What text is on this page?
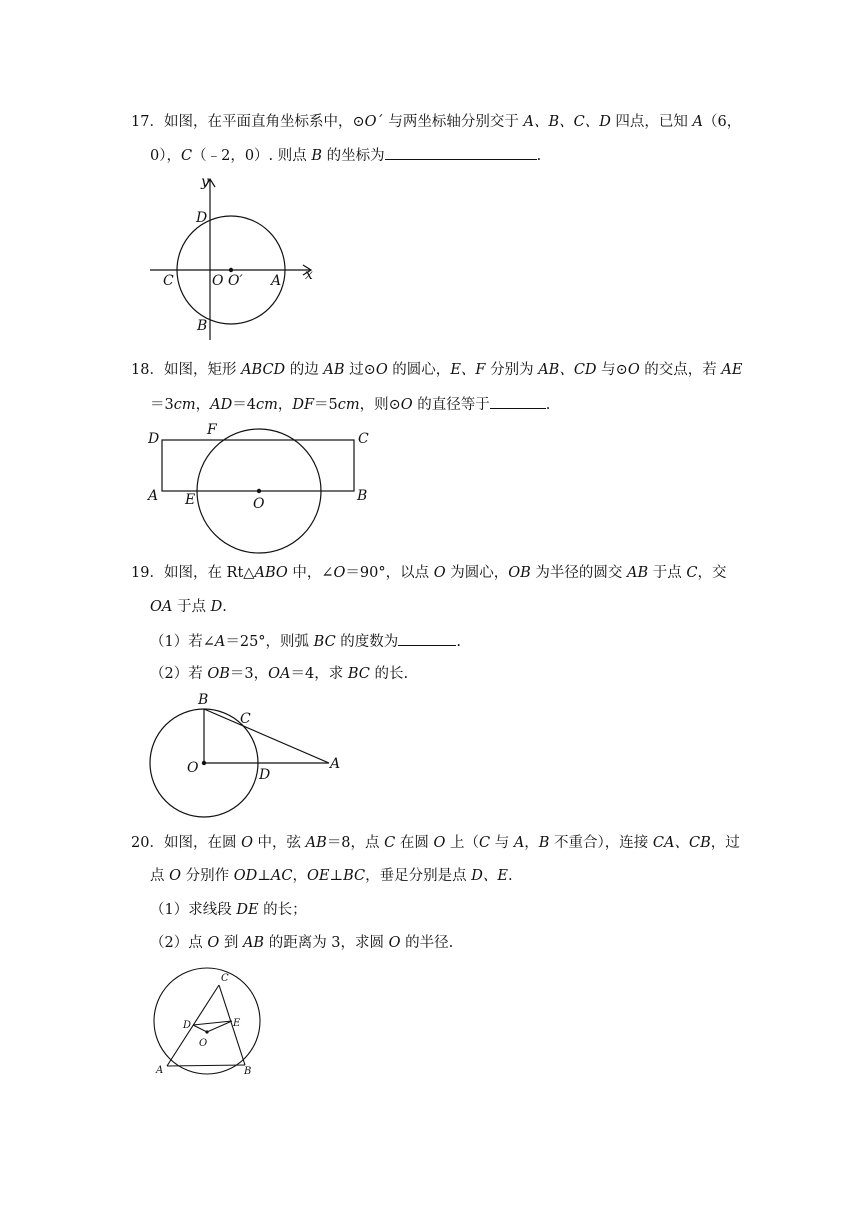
17．如图，在平面直角坐标系中，⊙O´ 与两坐标轴分别交于 A、B、C、D 四点，已知 A（6，
0），C（﹣2，0）. 则点 B 的坐标为	.
y
x
D
C	O O′ A
B
18．如图，矩形 ABCD 的边 AB 过⊙O 的圆心，E、F 分别为 AB、CD 与⊙O 的交点，若 AE
＝3cm，AD＝4cm，DF＝5cm，则⊙O 的直径等于	.
D
F
C
A E	O	B
19．如图，在 Rt△ABO 中，∠O＝90°，以点 O 为圆心，OB 为半径的圆交 AB 于点 C，交
OA 于点 D.
（1）若∠A＝25°，则弧 BC 的度数为	.
（2）若 OB＝3，OA＝4，求 BC 的长.
B
C
O	D
A
20．如图，在圆 O 中，弦 AB＝8，点 C 在圆 O 上（C 与 A，B 不重合），连接 CA、CB，过
点 O 分别作 OD⊥AC，OE⊥BC，垂足分别是点 D、E.
（1）求线段 DE 的长；
（2）点 O 到 AB 的距离为 3，求圆 O 的半径.
C
D	E
O
A	B
